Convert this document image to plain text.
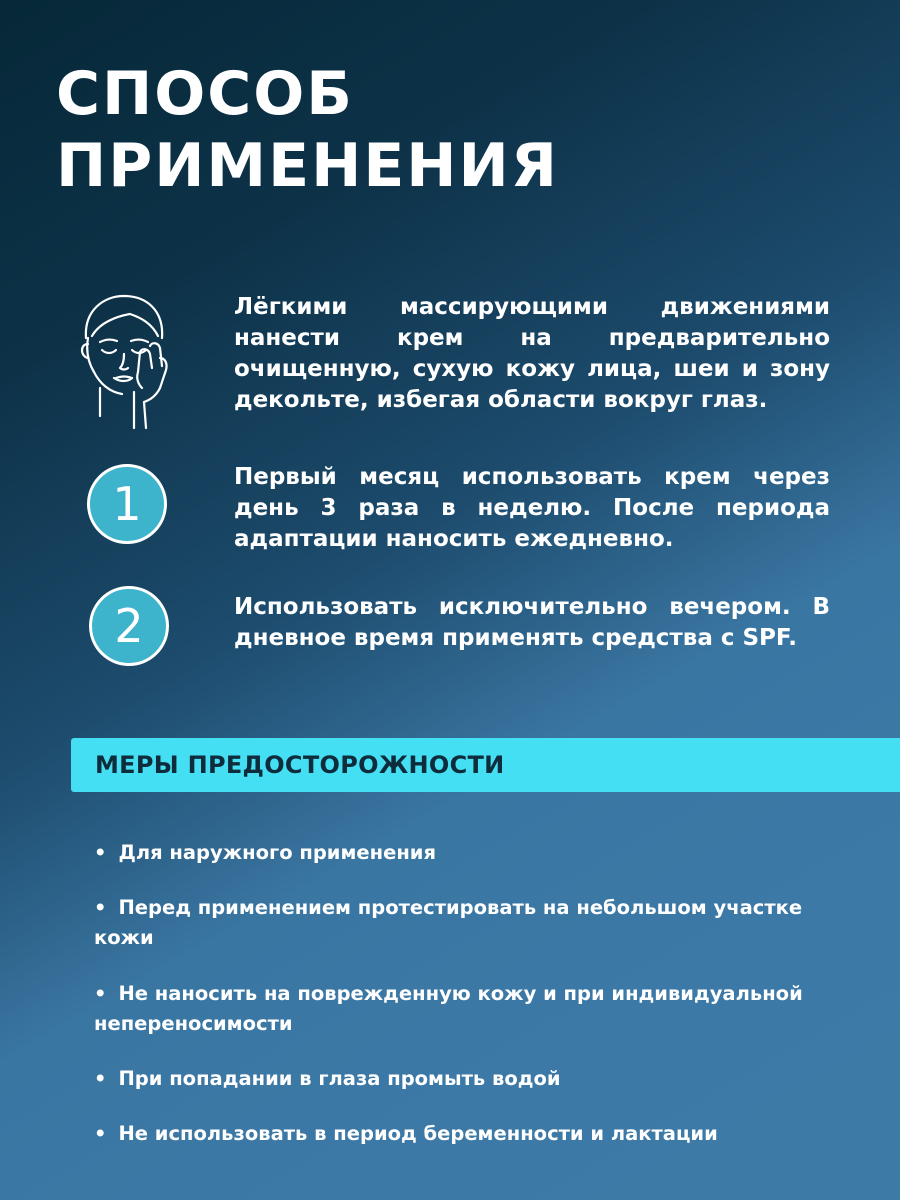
СПОСОБ
ПРИМЕНЕНИЯ

Лёгкими массирующими движениями нанести крем на предварительно очищенную, сухую кожу лица, шеи и зону декольте, избегая области вокруг глаз.

1	Первый месяц использовать крем через день 3 раза в неделю. После периода адаптации наносить ежедневно.

2	Использовать исключительно вечером. В дневное время применять средства с SPF.

МЕРЫ ПРЕДОСТОРОЖНОСТИ
• Для наружного применения
• Перед применением протестировать на небольшом участке кожи
• Не наносить на поврежденную кожу и при индивидуальной непереносимости
• При попадании в глаза промыть водой
• Не использовать в период беременности и лактации
